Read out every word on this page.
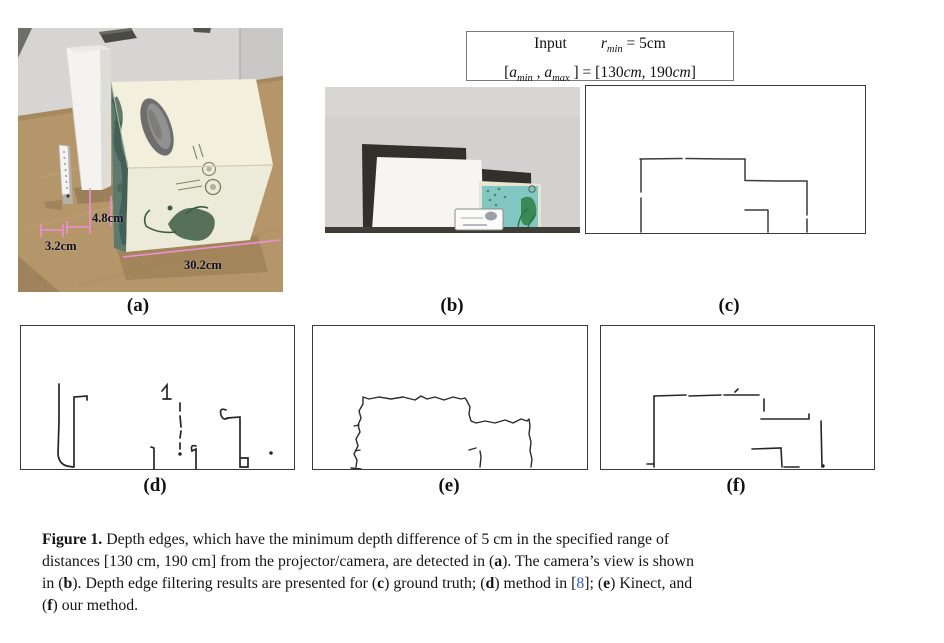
4.8cm
3.2cm
30.2cm
(a)
Input $r_{min} = 5cm$
[$a_{min}$ , $a_{max}$ ] = [130cm, 190cm]
(b)	(c)
(d)	(e)	(f)
Figure 1. Depth edges, which have the minimum depth difference of 5 cm in the specified range of
distances [130 cm, 190 cm] from the projector/camera, are detected in (a). The camera’s view is shown
in (b). Depth edge filtering results are presented for (c) ground truth; (d) method in [8]; (e) Kinect, and
(f) our method.
